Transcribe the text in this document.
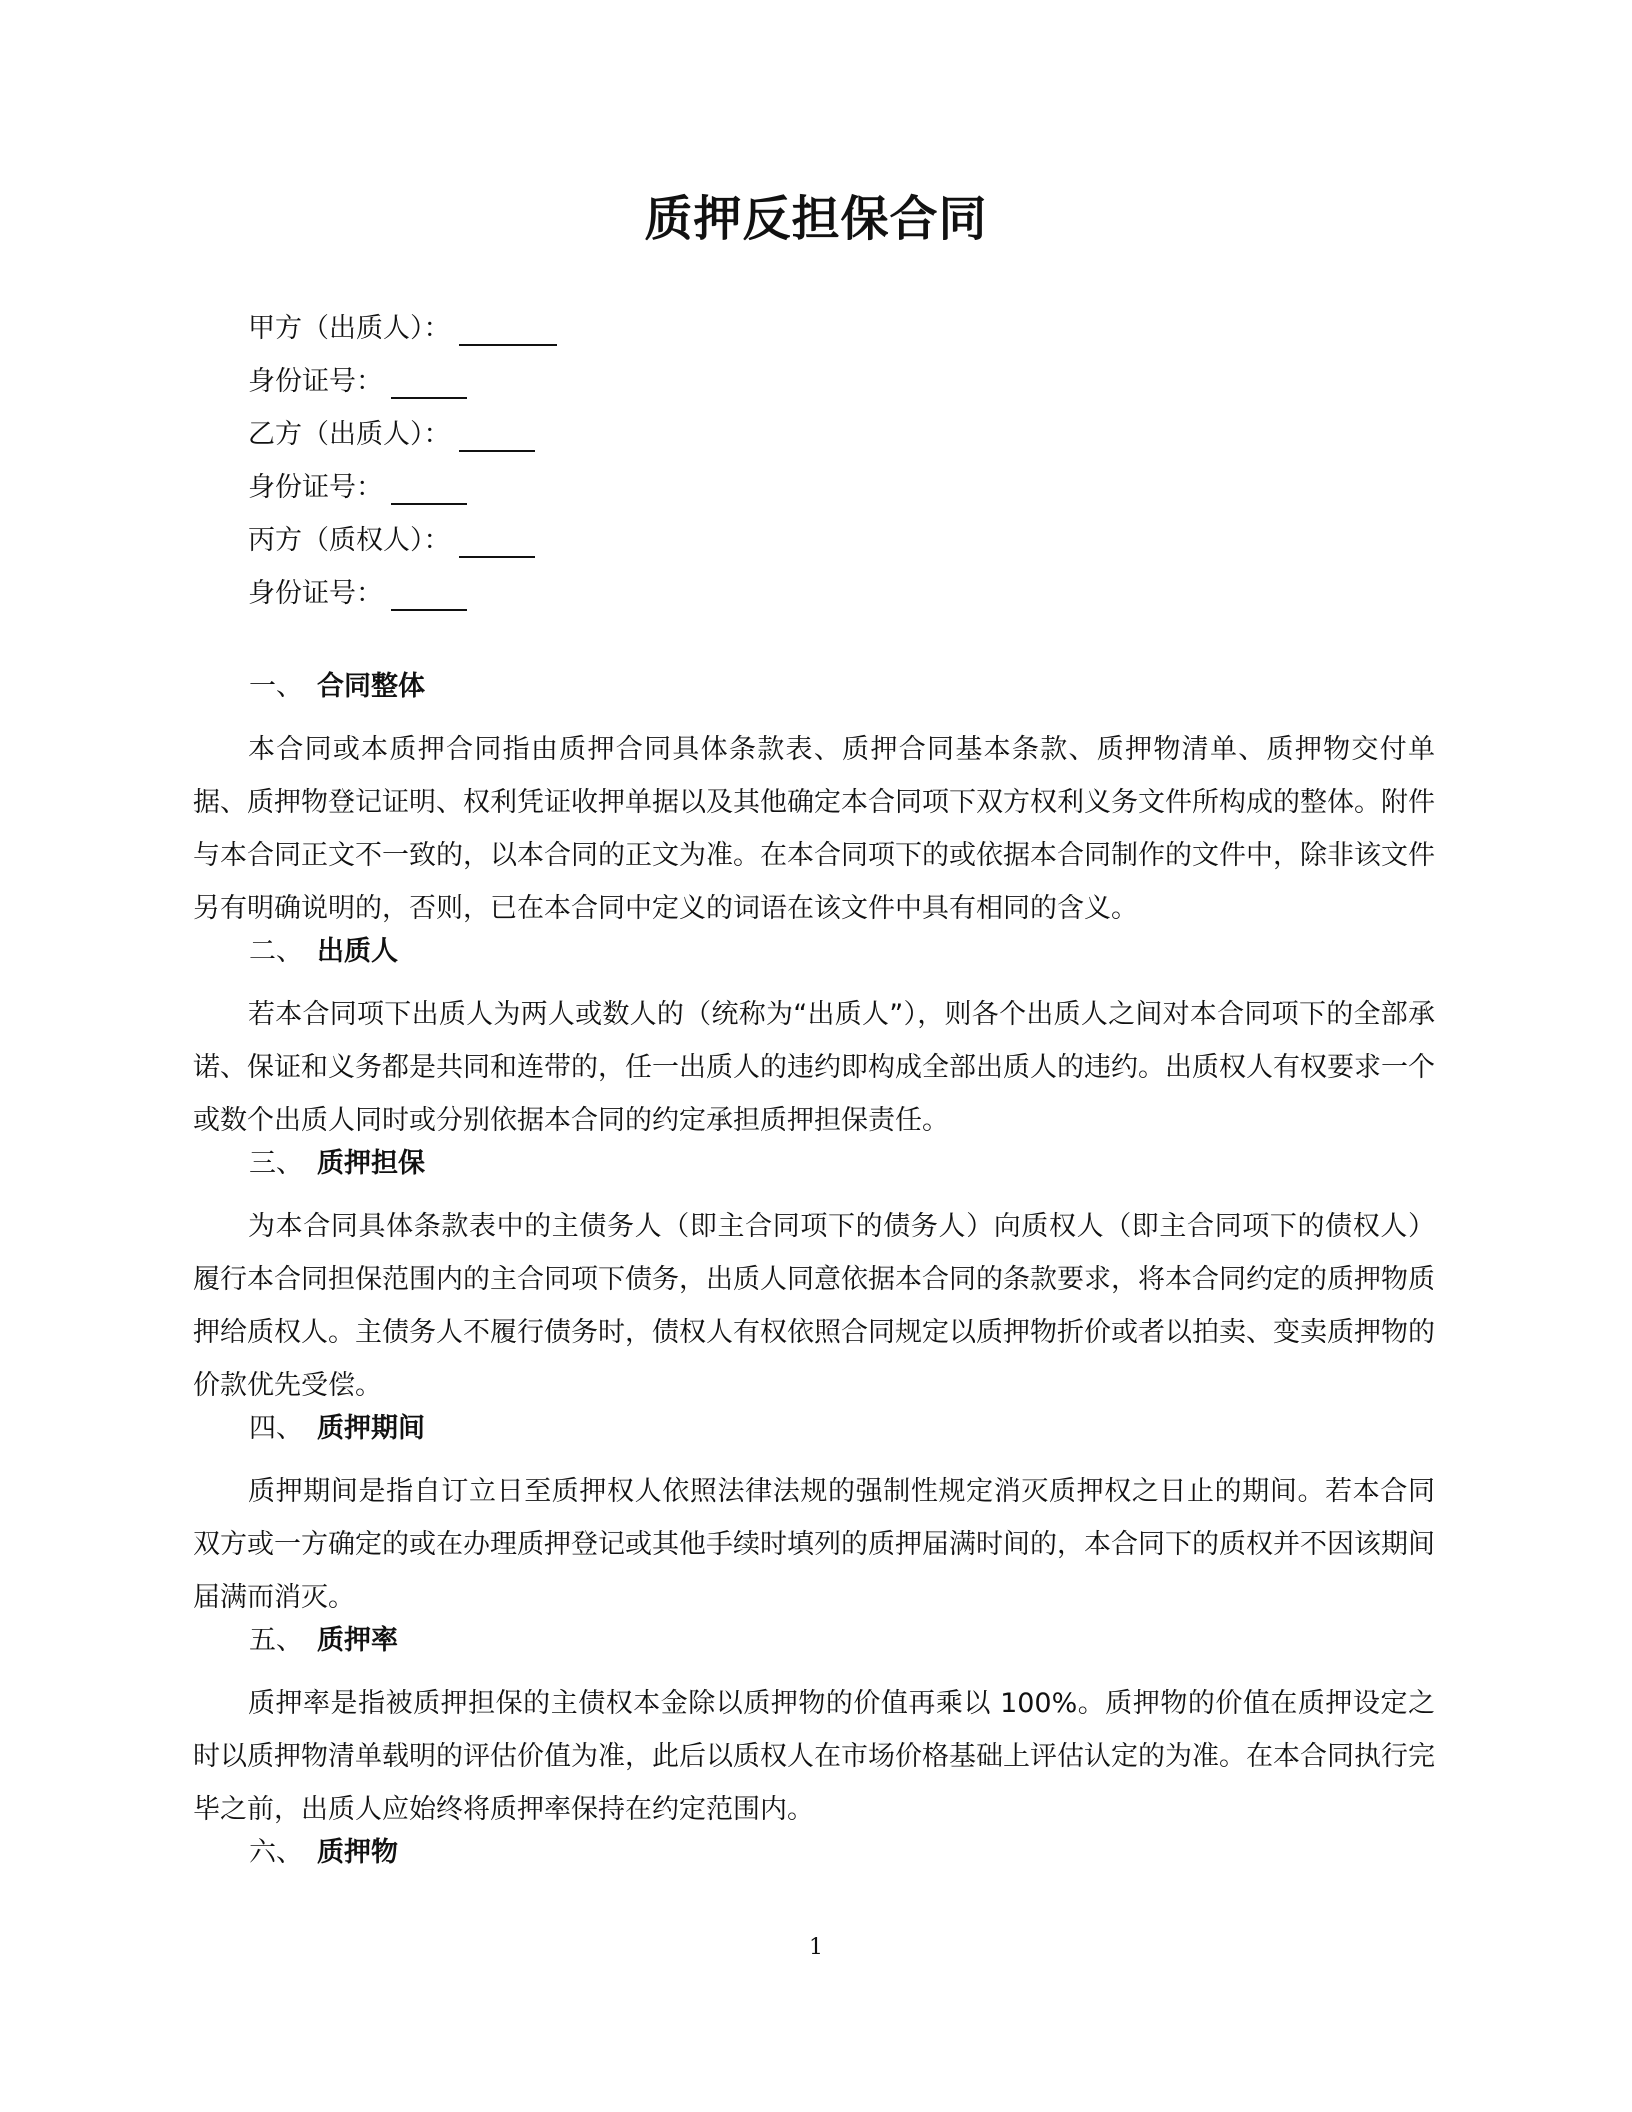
质押反担保合同
甲方（出质人）：
身份证号：
乙方（出质人）：
身份证号：
丙方（质权人）：
身份证号：
一、 合同整体

本合同或本质押合同指由质押合同具体条款表、质押合同基本条款、质押物清单、质押物交付单据、质押物登记证明、权利凭证收押单据以及其他确定本合同项下双方权利义务文件所构成的整体。附件与本合同正文不一致的，以本合同的正文为准。在本合同项下的或依据本合同制作的文件中，除非该文件另有明确说明的，否则，已在本合同中定义的词语在该文件中具有相同的含义。

二、 出质人

若本合同项下出质人为两人或数人的（统称为“出质人”），则各个出质人之间对本合同项下的全部承诺、保证和义务都是共同和连带的，任一出质人的违约即构成全部出质人的违约。出质权人有权要求一个或数个出质人同时或分别依据本合同的约定承担质押担保责任。

三、 质押担保

为本合同具体条款表中的主债务人（即主合同项下的债务人）向质权人（即主合同项下的债权人）履行本合同担保范围内的主合同项下债务，出质人同意依据本合同的条款要求，将本合同约定的质押物质押给质权人。主债务人不履行债务时，债权人有权依照合同规定以质押物折价或者以拍卖、变卖质押物的价款优先受偿。

四、 质押期间

质押期间是指自订立日至质押权人依照法律法规的强制性规定消灭质押权之日止的期间。若本合同双方或一方确定的或在办理质押登记或其他手续时填列的质押届满时间的，本合同下的质权并不因该期间届满而消灭。

五、 质押率

质押率是指被质押担保的主债权本金除以质押物的价值再乘以 100%。质押物的价值在质押设定之时以质押物清单载明的评估价值为准，此后以质权人在市场价格基础上评估认定的为准。在本合同执行完毕之前，出质人应始终将质押率保持在约定范围内。

六、 质押物
1
